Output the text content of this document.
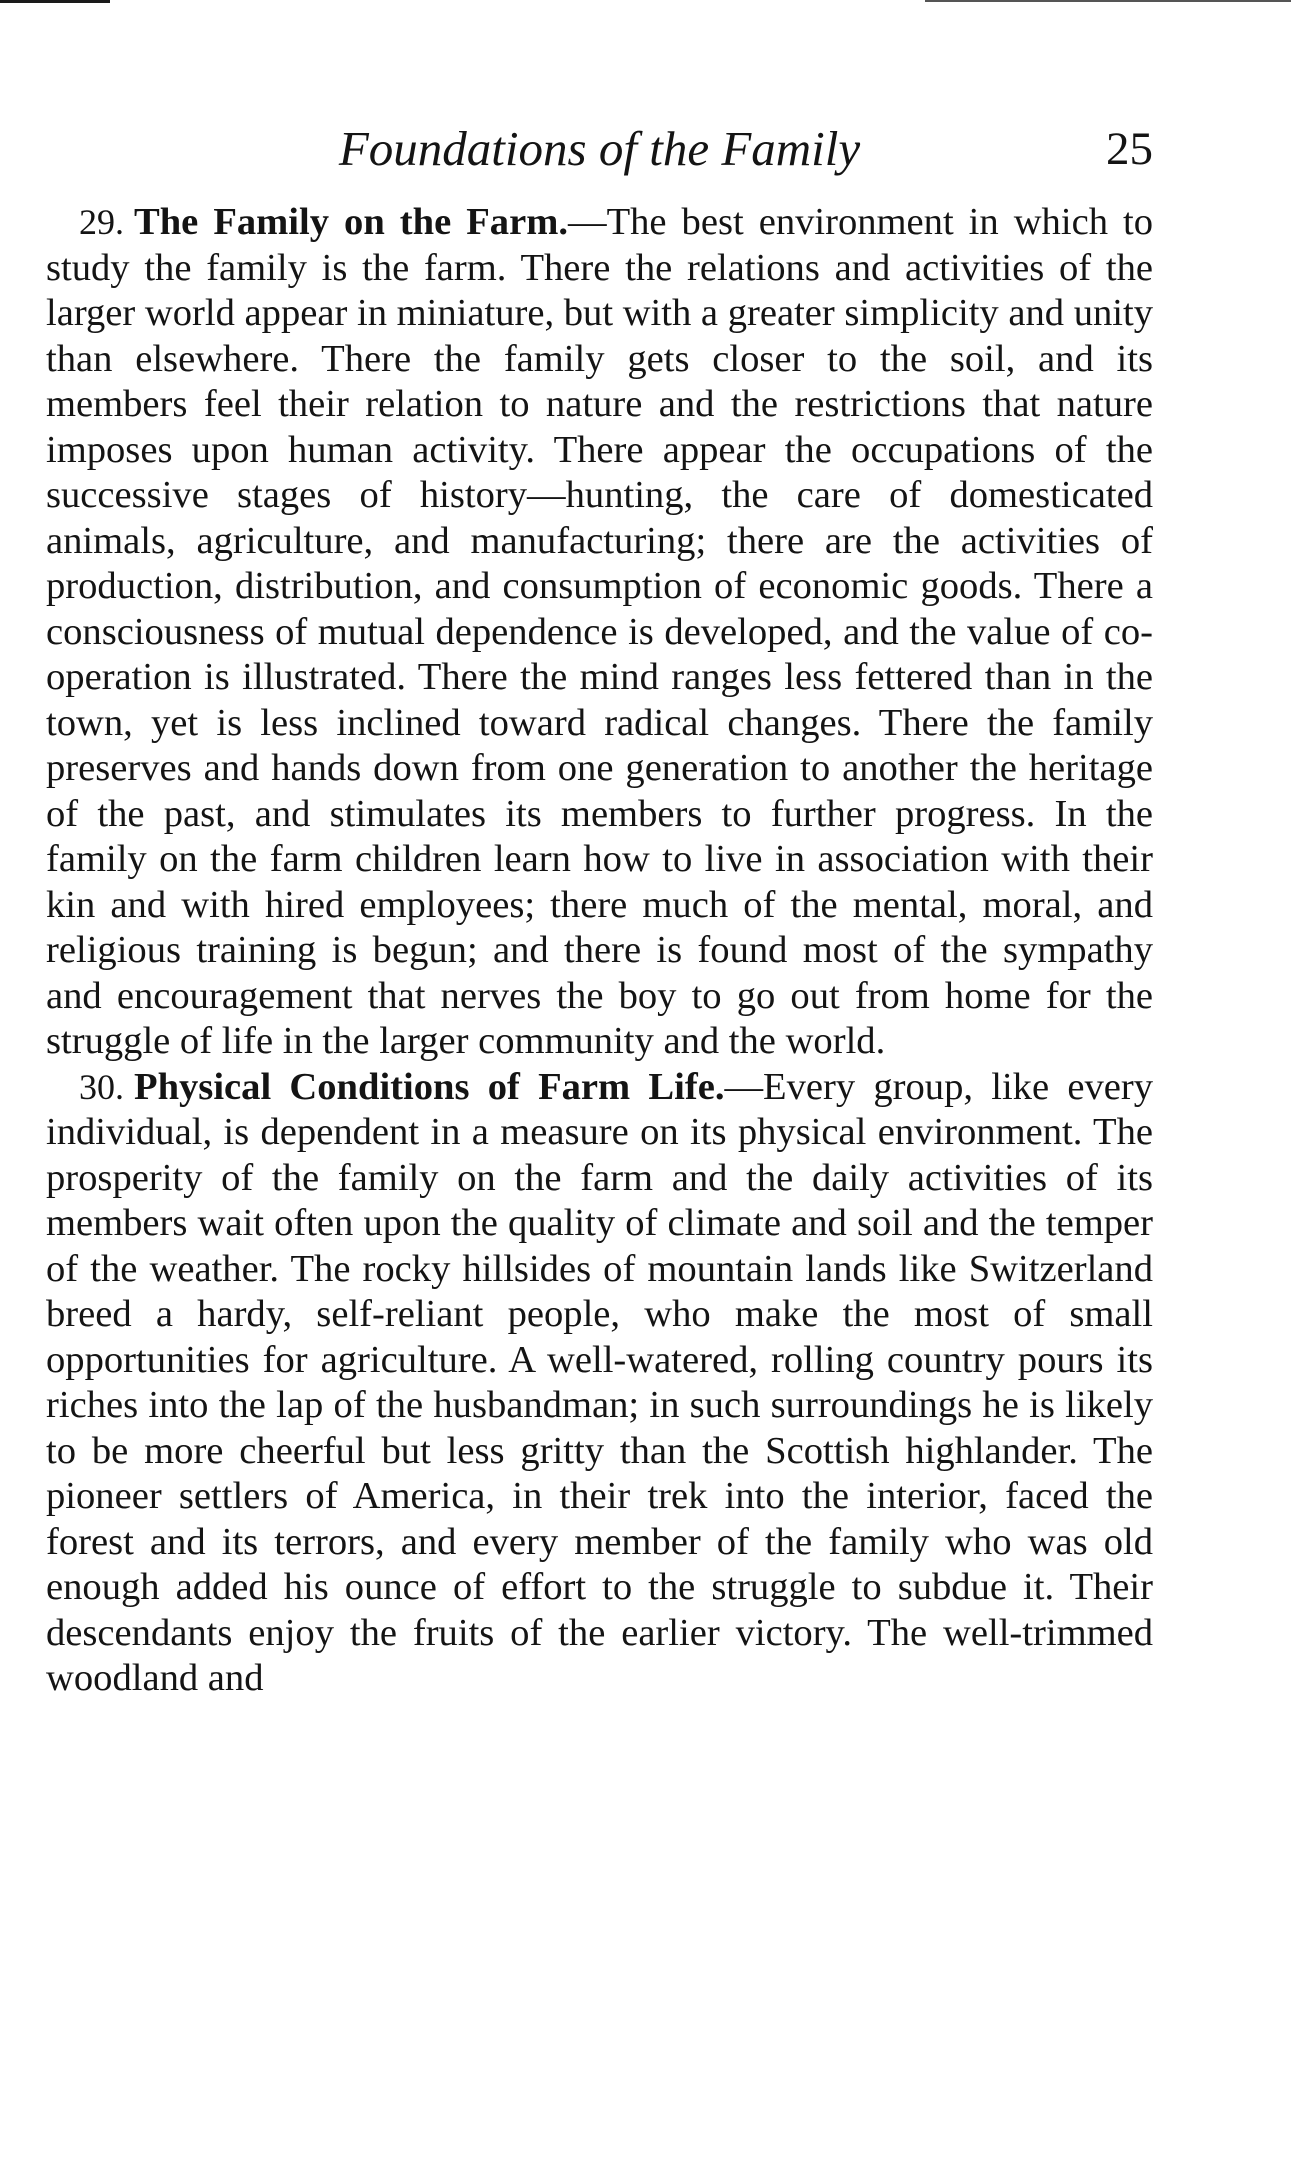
Foundations of the Family	25

29. The Family on the Farm.—The best environment in which to study the family is the farm. There the relations and activities of the larger world appear in miniature, but with a greater simplicity and unity than elsewhere. There the family gets closer to the soil, and its members feel their relation to nature and the restrictions that nature imposes upon human activity. There appear the occupations of the successive stages of history—hunting, the care of domesticated animals, agriculture, and manufacturing; there are the activities of production, distribution, and consumption of economic goods. There a consciousness of mutual dependence is developed, and the value of co-operation is illustrated. There the mind ranges less fettered than in the town, yet is less inclined toward radical changes. There the family preserves and hands down from one generation to another the heritage of the past, and stimulates its members to further progress. In the family on the farm children learn how to live in association with their kin and with hired employees; there much of the mental, moral, and religious training is begun; and there is found most of the sympathy and encouragement that nerves the boy to go out from home for the struggle of life in the larger community and the world.

30. Physical Conditions of Farm Life.—Every group, like every individual, is dependent in a measure on its physical environment. The prosperity of the family on the farm and the daily activities of its members wait often upon the quality of climate and soil and the temper of the weather. The rocky hillsides of mountain lands like Switzerland breed a hardy, self-reliant people, who make the most of small opportunities for agriculture. A well-watered, rolling country pours its riches into the lap of the husbandman; in such surroundings he is likely to be more cheerful but less gritty than the Scottish highlander. The pioneer settlers of America, in their trek into the interior, faced the forest and its terrors, and every member of the family who was old enough added his ounce of effort to the struggle to subdue it. Their descendants enjoy the fruits of the earlier victory. The well-trimmed woodland and
